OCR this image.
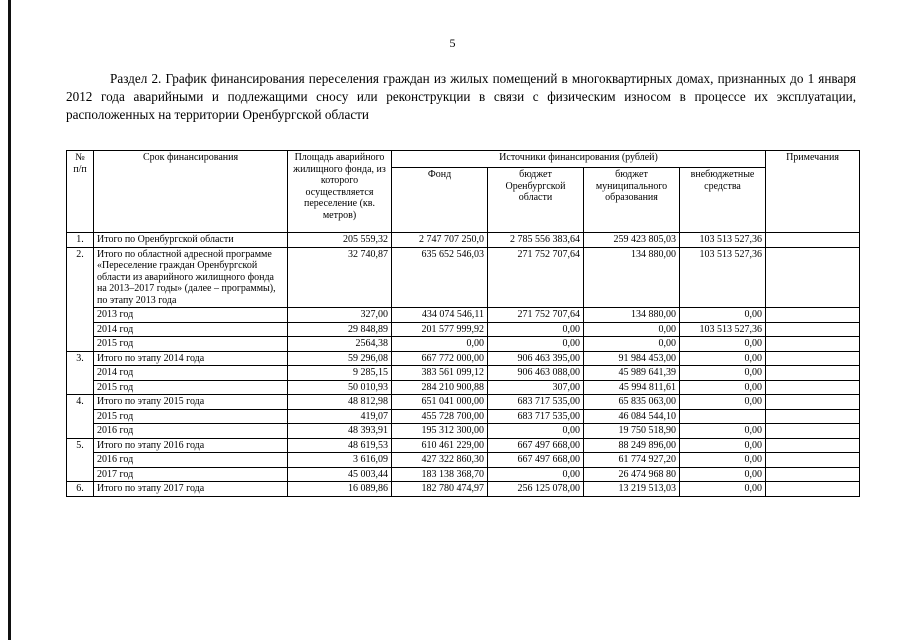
5
Раздел 2. График финансирования переселения граждан из жилых помещений в многоквартирных домах, признанных до 1 января 2012 года аварийными и подлежащими сносу или реконструкции в связи с физическим износом в процессе их эксплуатации, расположенных на территории Оренбургской области
№ п/п	Срок финансирования	Площадь аварийного жилищного фонда, из которого осуществляется переселение (кв. метров)	Источники финансирования (рублей)				Примечания
			Фонд	бюджет Оренбургской области	бюджет муниципального образования	внебюджетные средства	
1.	Итого по Оренбургской области	205 559,32	2 747 707 250,0	2 785 556 383,64	259 423 805,03	103 513 527,36	
2.	Итого по областной адресной программе «Переселение граждан Оренбургской области из аварийного жилищного фонда на 2013–2017 годы» (далее – программы), по этапу 2013 года	32 740,87	635 652 546,03	271 752 707,64	134 880,00	103 513 527,36	
	2013 год	327,00	434 074 546,11	271 752 707,64	134 880,00	0,00	
	2014 год	29 848,89	201 577 999,92	0,00	0,00	103 513 527,36	
	2015 год	2564,38	0,00	0,00	0,00	0,00	
3.	Итого по этапу 2014 года	59 296,08	667 772 000,00	906 463 395,00	91 984 453,00	0,00	
	2014 год	9 285,15	383 561 099,12	906 463 088,00	45 989 641,39	0,00	
	2015 год	50 010,93	284 210 900,88	307,00	45 994 811,61	0,00	
4.	Итого по этапу 2015 года	48 812,98	651 041 000,00	683 717 535,00	65 835 063,00	0,00	
	2015 год	419,07	455 728 700,00	683 717 535,00	46 084 544,10		
	2016 год	48 393,91	195 312 300,00	0,00	19 750 518,90	0,00	
5.	Итого по этапу 2016 года	48 619,53	610 461 229,00	667 497 668,00	88 249 896,00	0,00	
	2016 год	3 616,09	427 322 860,30	667 497 668,00	61 774 927,20	0,00	
	2017 год	45 003,44	183 138 368,70	0,00	26 474 968 80	0,00	
6.	Итого по этапу 2017 года	16 089,86	182 780 474,97	256 125 078,00	13 219 513,03	0,00	
